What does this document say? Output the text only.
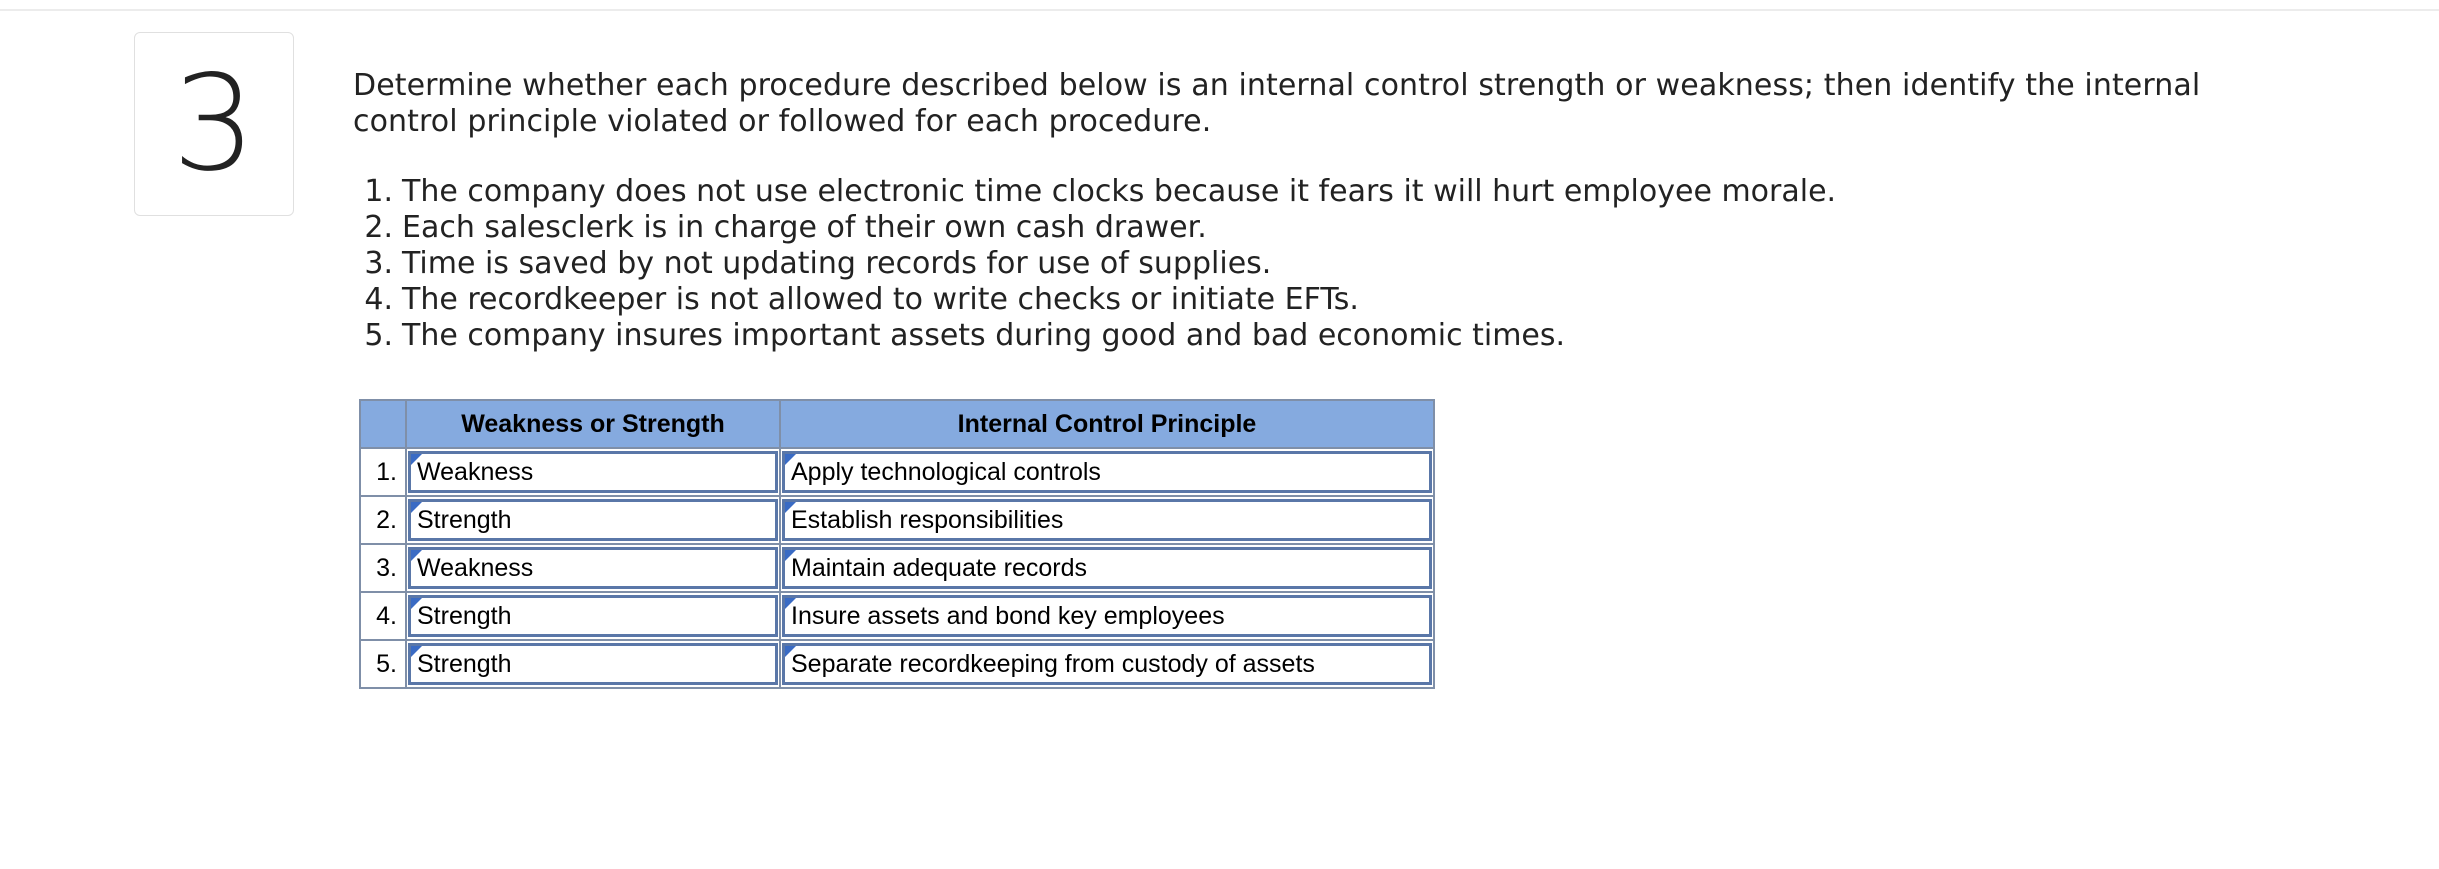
3	Determine whether each procedure described below is an internal control strength or weakness; then identify the internal control principle violated or followed for each procedure.
1. The company does not use electronic time clocks because it fears it will hurt employee morale.
2. Each salesclerk is in charge of their own cash drawer.
3. Time is saved by not updating records for use of supplies.
4. The recordkeeper is not allowed to write checks or initiate EFTs.
5. The company insures important assets during good and bad economic times.
	Weakness or Strength	Internal Control Principle
1.	Weakness	Apply technological controls

2.	Strength	Establish responsibilities

3.	Weakness	Maintain adequate records

4.	Strength	Insure assets and bond key employees

5.	Strength	Separate recordkeeping from custody of assets
